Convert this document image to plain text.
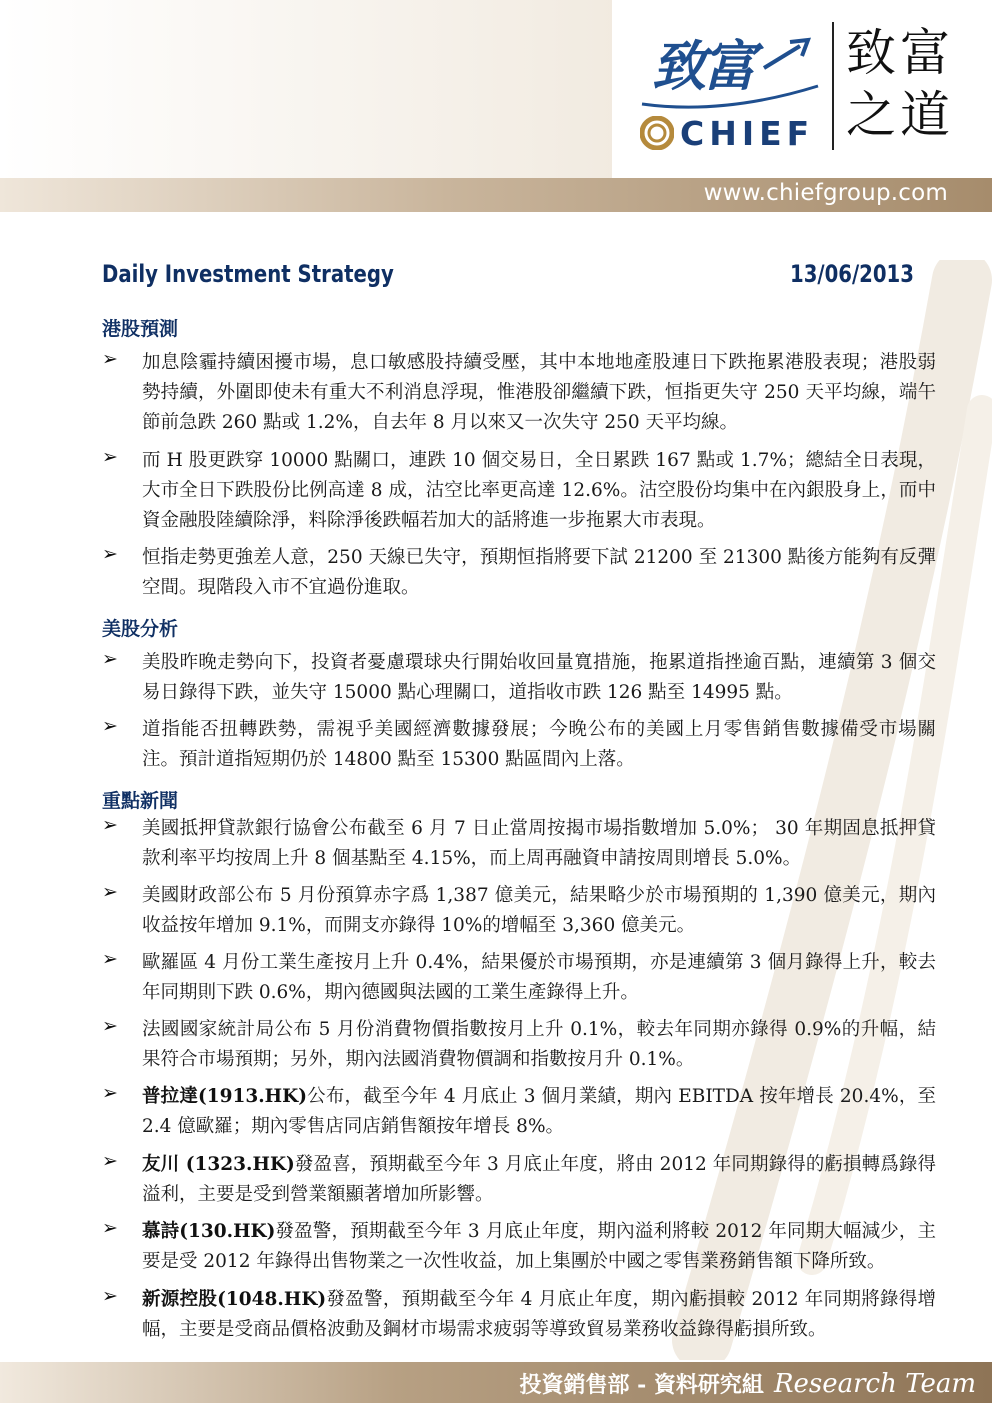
致富
CHIEF
致富
之道
www.chiefgroup.com
Daily Investment Strategy	13/06/2013
港股預測
➢ 加息陰霾持續困擾市場，息口敏感股持續受壓，其中本地地產股連日下跌拖累港股表現；港股弱勢持續，外圍即使未有重大不利消息浮現，惟港股卻繼續下跌，恒指更失守 250 天平均線，端午節前急跌 260 點或 1.2%，自去年 8 月以來又一次失守 250 天平均線。
➢ 而 H 股更跌穿 10000 點關口，連跌 10 個交易日，全日累跌 167 點或 1.7%；總結全日表現，大市全日下跌股份比例高達 8 成，沽空比率更高達 12.6%。沽空股份均集中在內銀股身上，而中資金融股陸續除淨，料除淨後跌幅若加大的話將進一步拖累大市表現。
➢ 恒指走勢更強差人意，250 天線已失守，預期恒指將要下試 21200 至 21300 點後方能夠有反彈空間。現階段入市不宜過份進取。
美股分析
➢ 美股昨晚走勢向下，投資者憂慮環球央行開始收回量寬措施，拖累道指挫逾百點，連續第 3 個交易日錄得下跌，並失守 15000 點心理關口，道指收市跌 126 點至 14995 點。
➢ 道指能否扭轉跌勢，需視乎美國經濟數據發展；今晚公布的美國上月零售銷售數據備受市場關注。預計道指短期仍於 14800 點至 15300 點區間內上落。
重點新聞
➢ 美國抵押貸款銀行協會公布截至 6 月 7 日止當周按揭市場指數增加 5.0%； 30 年期固息抵押貸款利率平均按周上升 8 個基點至 4.15%，而上周再融資申請按周則增長 5.0%。
➢ 美國財政部公布 5 月份預算赤字爲 1,387 億美元，結果略少於市場預期的 1,390 億美元，期內收益按年增加 9.1%，而開支亦錄得 10%的增幅至 3,360 億美元。
➢ 歐羅區 4 月份工業生產按月上升 0.4%，結果優於市場預期，亦是連續第 3 個月錄得上升，較去年同期則下跌 0.6%，期內德國與法國的工業生產錄得上升。
➢ 法國國家統計局公布 5 月份消費物價指數按月上升 0.1%，較去年同期亦錄得 0.9%的升幅，結果符合市場預期；另外，期內法國消費物價調和指數按月升 0.1%。
➢ 普拉達(1913.HK)公布，截至今年 4 月底止 3 個月業績，期內 EBITDA 按年增長 20.4%，至 2.4 億歐羅；期內零售店同店銷售額按年增長 8%。
➢ 友川 (1323.HK)發盈喜，預期截至今年 3 月底止年度，將由 2012 年同期錄得的虧損轉爲錄得溢利，主要是受到營業額顯著增加所影響。
➢ 慕詩(130.HK)發盈警，預期截至今年 3 月底止年度，期內溢利將較 2012 年同期大幅減少，主要是受 2012 年錄得出售物業之一次性收益，加上集團於中國之零售業務銷售額下降所致。
➢ 新源控股(1048.HK)發盈警，預期截至今年 4 月底止年度，期內虧損較 2012 年同期將錄得增幅，主要是受商品價格波動及鋼材市場需求疲弱等導致貿易業務收益錄得虧損所致。
投資銷售部 - 資料研究組 Research Team
